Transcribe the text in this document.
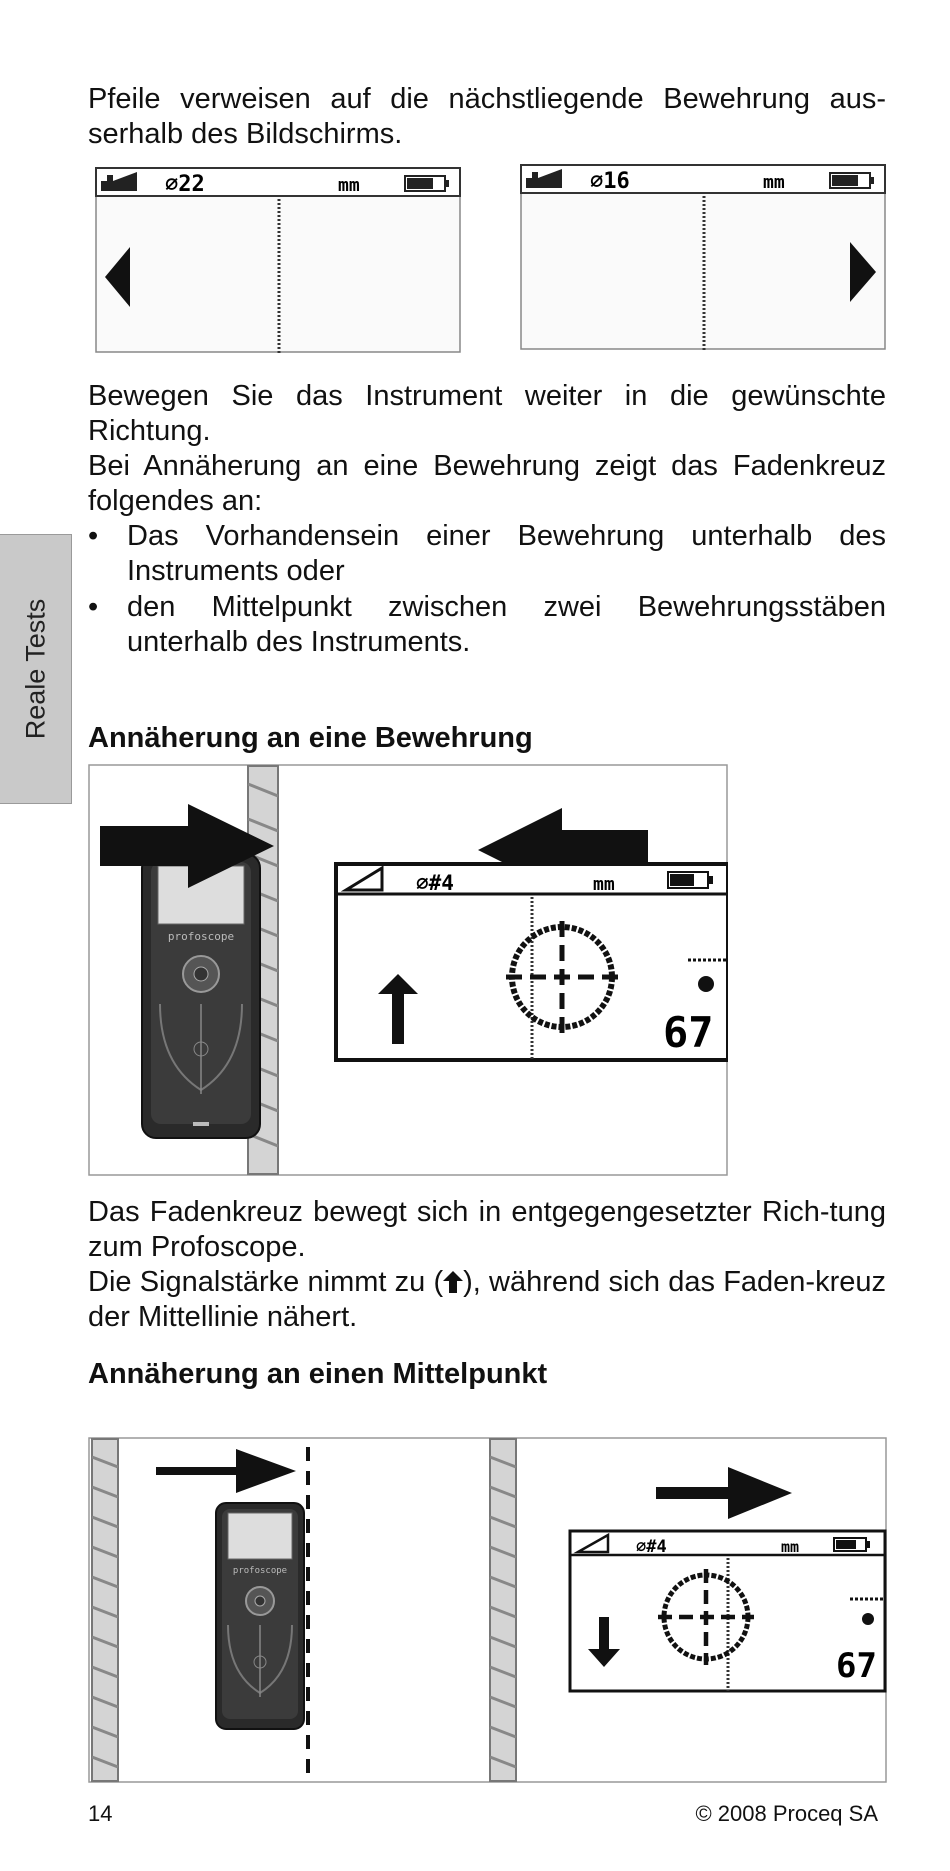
Pfeile verweisen auf die nächstliegende Bewehrung aus-serhalb des Bildschirms.
⌀22	mm	⌀16	mm
Bewegen Sie das Instrument weiter in die gewünschte Richtung.
Bei Annäherung an eine Bewehrung zeigt das Fadenkreuz folgendes an:
• Das Vorhandensein einer Bewehrung unterhalb des Instruments oder
• den Mittelpunkt zwischen zwei Bewehrungsstäben unterhalb des Instruments.
Reale Tests Annäherung an eine Bewehrung
profoscope
⌀#4	mm
67
Das Fadenkreuz bewegt sich in entgegengesetzter Rich-tung zum Profoscope.
Die Signalstärke nimmt zu ( ), während sich das Faden-kreuz der Mittellinie nähert.
Annäherung an einen Mittelpunkt
profoscope
⌀#4	mm
67
14	© 2008 Proceq SA
